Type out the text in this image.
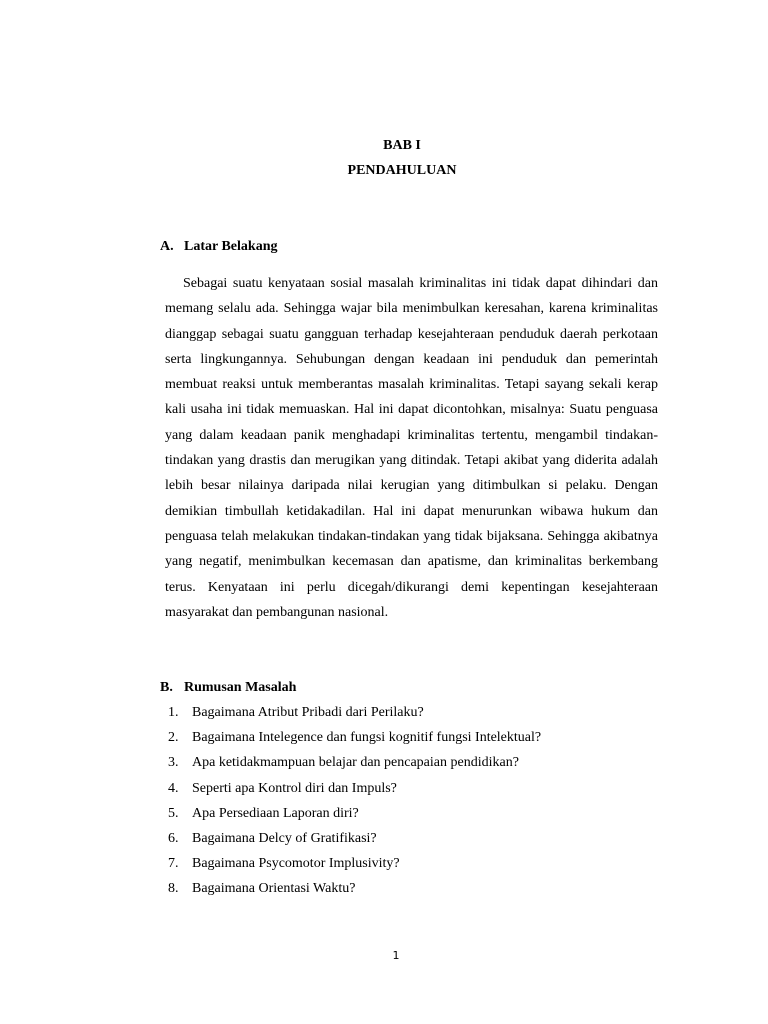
BAB I
PENDAHULUAN
A. Latar Belakang

Sebagai suatu kenyataan sosial masalah kriminalitas ini tidak dapat dihindari dan memang selalu ada. Sehingga wajar bila menimbulkan keresahan, karena kriminalitas dianggap sebagai suatu gangguan terhadap kesejahteraan penduduk daerah perkotaan serta lingkungannya. Sehubungan dengan keadaan ini penduduk dan pemerintah membuat reaksi untuk memberantas masalah kriminalitas. Tetapi sayang sekali kerap kali usaha ini tidak memuaskan. Hal ini dapat dicontohkan, misalnya: Suatu penguasa yang dalam keadaan panik menghadapi kriminalitas tertentu, mengambil tindakan-tindakan yang drastis dan merugikan yang ditindak. Tetapi akibat yang diderita adalah lebih besar nilainya daripada nilai kerugian yang ditimbulkan si pelaku. Dengan demikian timbullah ketidakadilan. Hal ini dapat menurunkan wibawa hukum dan penguasa telah melakukan tindakan-tindakan yang tidak bijaksana. Sehingga akibatnya yang negatif, menimbulkan kecemasan dan apatisme, dan kriminalitas berkembang terus. Kenyataan ini perlu dicegah/dikurangi demi kepentingan kesejahteraan masyarakat dan pembangunan nasional.

B. Rumusan Masalah
1. Bagaimana Atribut Pribadi dari Perilaku?
2. Bagaimana Intelegence dan fungsi kognitif fungsi Intelektual?
3. Apa ketidakmampuan belajar dan pencapaian pendidikan?
4. Seperti apa Kontrol diri dan Impuls?
5. Apa Persediaan Laporan diri?
6. Bagaimana Delcy of Gratifikasi?
7. Bagaimana Psycomotor Implusivity?
8. Bagaimana Orientasi Waktu?
1
